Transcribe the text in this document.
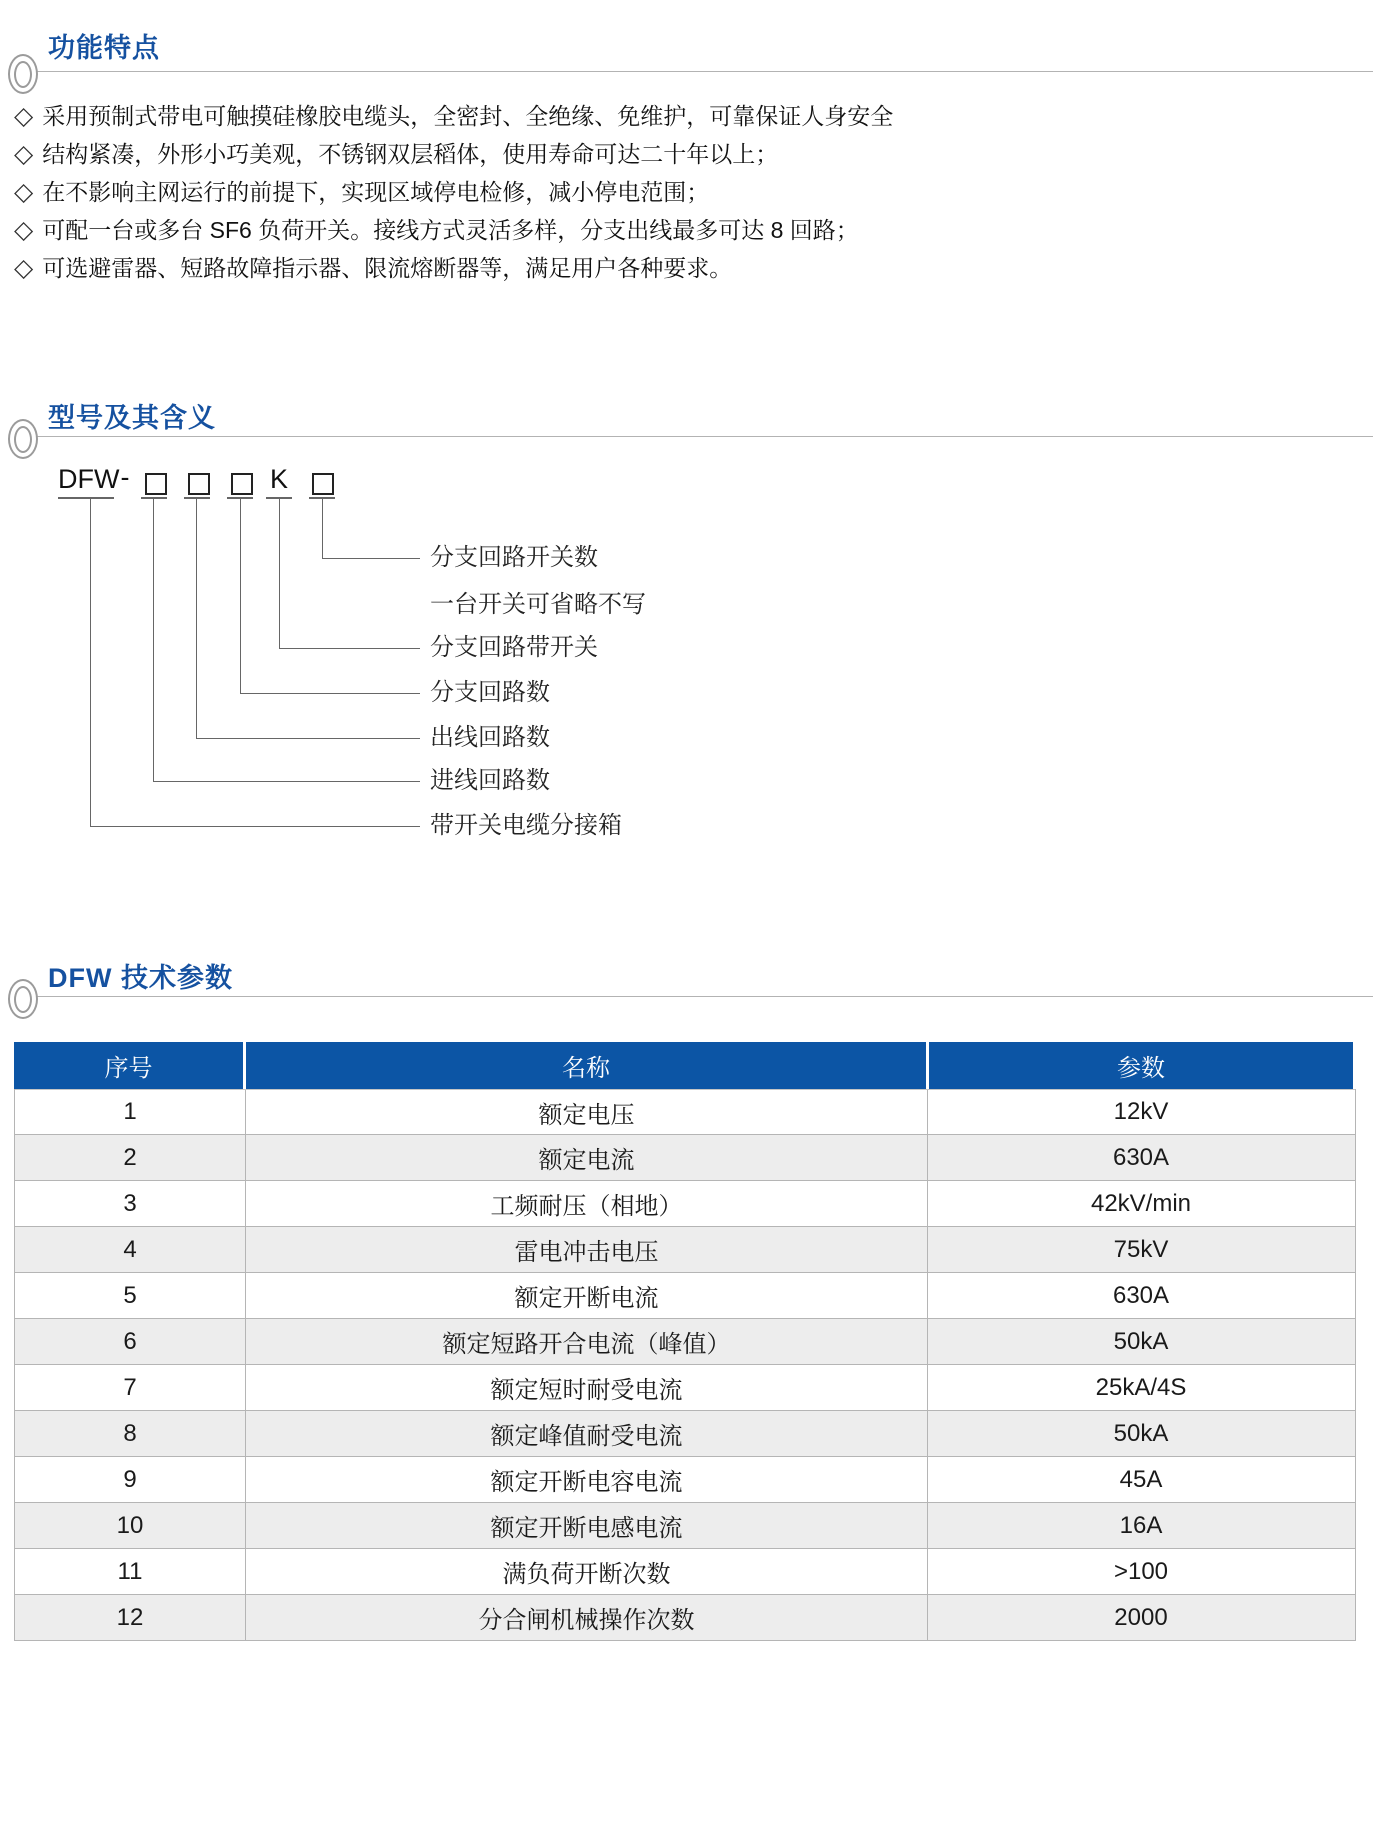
功能特点
◇ 采用预制式带电可触摸硅橡胶电缆头，全密封、全绝缘、免维护，可靠保证人身安全
◇ 结构紧凑，外形小巧美观，不锈钢双层稻体，使用寿命可达二十年以上；
◇ 在不影响主网运行的前提下，实现区域停电检修，减小停电范围；
◇ 可配一台或多台 SF6 负荷开关。接线方式灵活多样，分支出线最多可达 8 回路；
◇ 可选避雷器、短路故障指示器、限流熔断器等，满足用户各种要求。
型号及其含义
DFW -	K
分支回路开关数
一台开关可省略不写
分支回路带开关
分支回路数
出线回路数
进线回路数
带开关电缆分接箱
DFW 技术参数
序号	名称	参数
1	额定电压	12kV
2	额定电流	630A
3	工频耐压（相地）	42kV/min
4	雷电冲击电压	75kV
5	额定开断电流	630A
6	额定短路开合电流（峰值）	50kA
7	额定短时耐受电流	25kA/4S
8	额定峰值耐受电流	50kA
9	额定开断电容电流	45A
10	额定开断电感电流	16A
11	满负荷开断次数	>100
12	分合闸机械操作次数	2000
